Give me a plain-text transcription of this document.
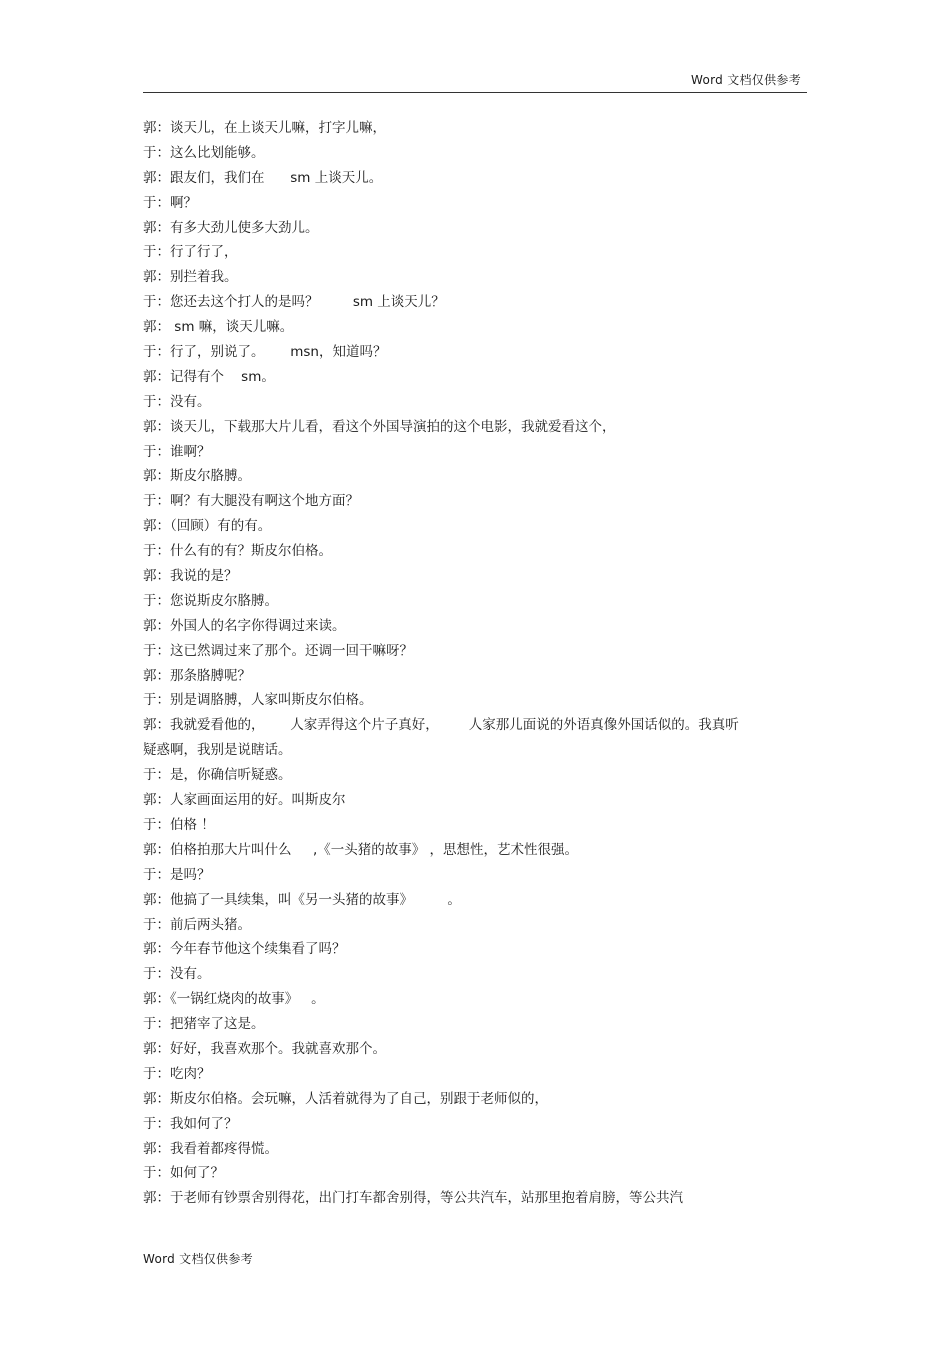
Word 文档仅供参考
郭：谈天儿，在上谈天儿嘛，打字儿嘛，
于：这么比划能够。
郭：跟友们，我们在      sm 上谈天儿。
于：啊？
郭：有多大劲儿使多大劲儿。
于：行了行了，
郭：别拦着我。
于：您还去这个打人的是吗？        sm 上谈天儿？
郭： sm 嘛，谈天儿嘛。
于：行了，别说了。      msn，知道吗？
郭：记得有个    sm。
于：没有。
郭：谈天儿，下载那大片儿看，看这个外国导演拍的这个电影，我就爱看这个，
于：谁啊？
郭：斯皮尔胳膊。
于：啊？有大腿没有啊这个地方面？
郭：（回顾）有的有。
于：什么有的有？斯皮尔伯格。
郭：我说的是？
于：您说斯皮尔胳膊。
郭：外国人的名字你得调过来读。
于：这已然调过来了那个。还调一回干嘛呀？
郭：那条胳膊呢？
于：别是调胳膊，人家叫斯皮尔伯格。
郭：我就爱看他的，      人家弄得这个片子真好，       人家那儿面说的外语真像外国话似的。我真听
疑惑啊，我别是说瞎话。
于：是，你确信听疑惑。
郭：人家画面运用的好。叫斯皮尔
于：伯格 ！
郭：伯格拍那大片叫什么     ,《一头猪的故事》 ，思想性，艺术性很强。
于：是吗？
郭：他搞了一具续集，叫《另一头猪的故事》        。
于：前后两头猪。
郭：今年春节他这个续集看了吗？
于：没有。
郭：《一锅红烧肉的故事》   。
于：把猪宰了这是。
郭：好好，我喜欢那个。我就喜欢那个。
于：吃肉？
郭：斯皮尔伯格。会玩嘛，人活着就得为了自己，别跟于老师似的，
于：我如何了？
郭：我看着都疼得慌。
于：如何了？
郭：于老师有钞票舍别得花，出门打车都舍别得，等公共汽车，站那里抱着肩膀，等公共汽
Word 文档仅供参考
